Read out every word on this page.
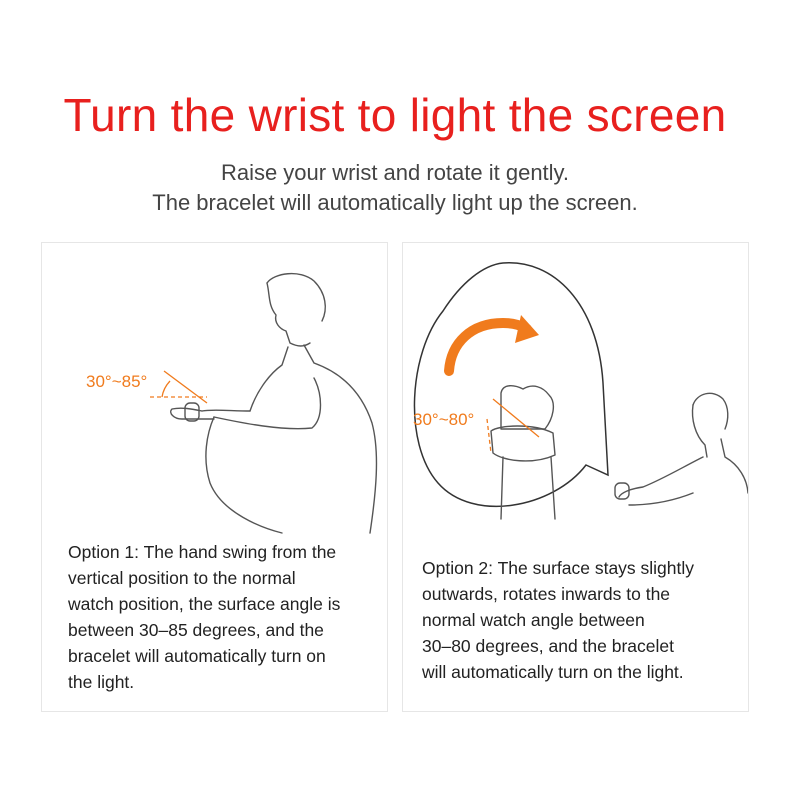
Turn the wrist to light the screen
Raise your wrist and rotate it gently.
The bracelet will automatically light up the screen.
30°~85°
Option 1: The hand swing from the
vertical position to the normal
watch position, the surface angle is
between 30–85 degrees, and the
bracelet will automatically turn on
the light.
30°~80°
Option 2: The surface stays slightly
outwards, rotates inwards to the
normal watch angle between
30–80 degrees, and the bracelet
will automatically turn on the light.
